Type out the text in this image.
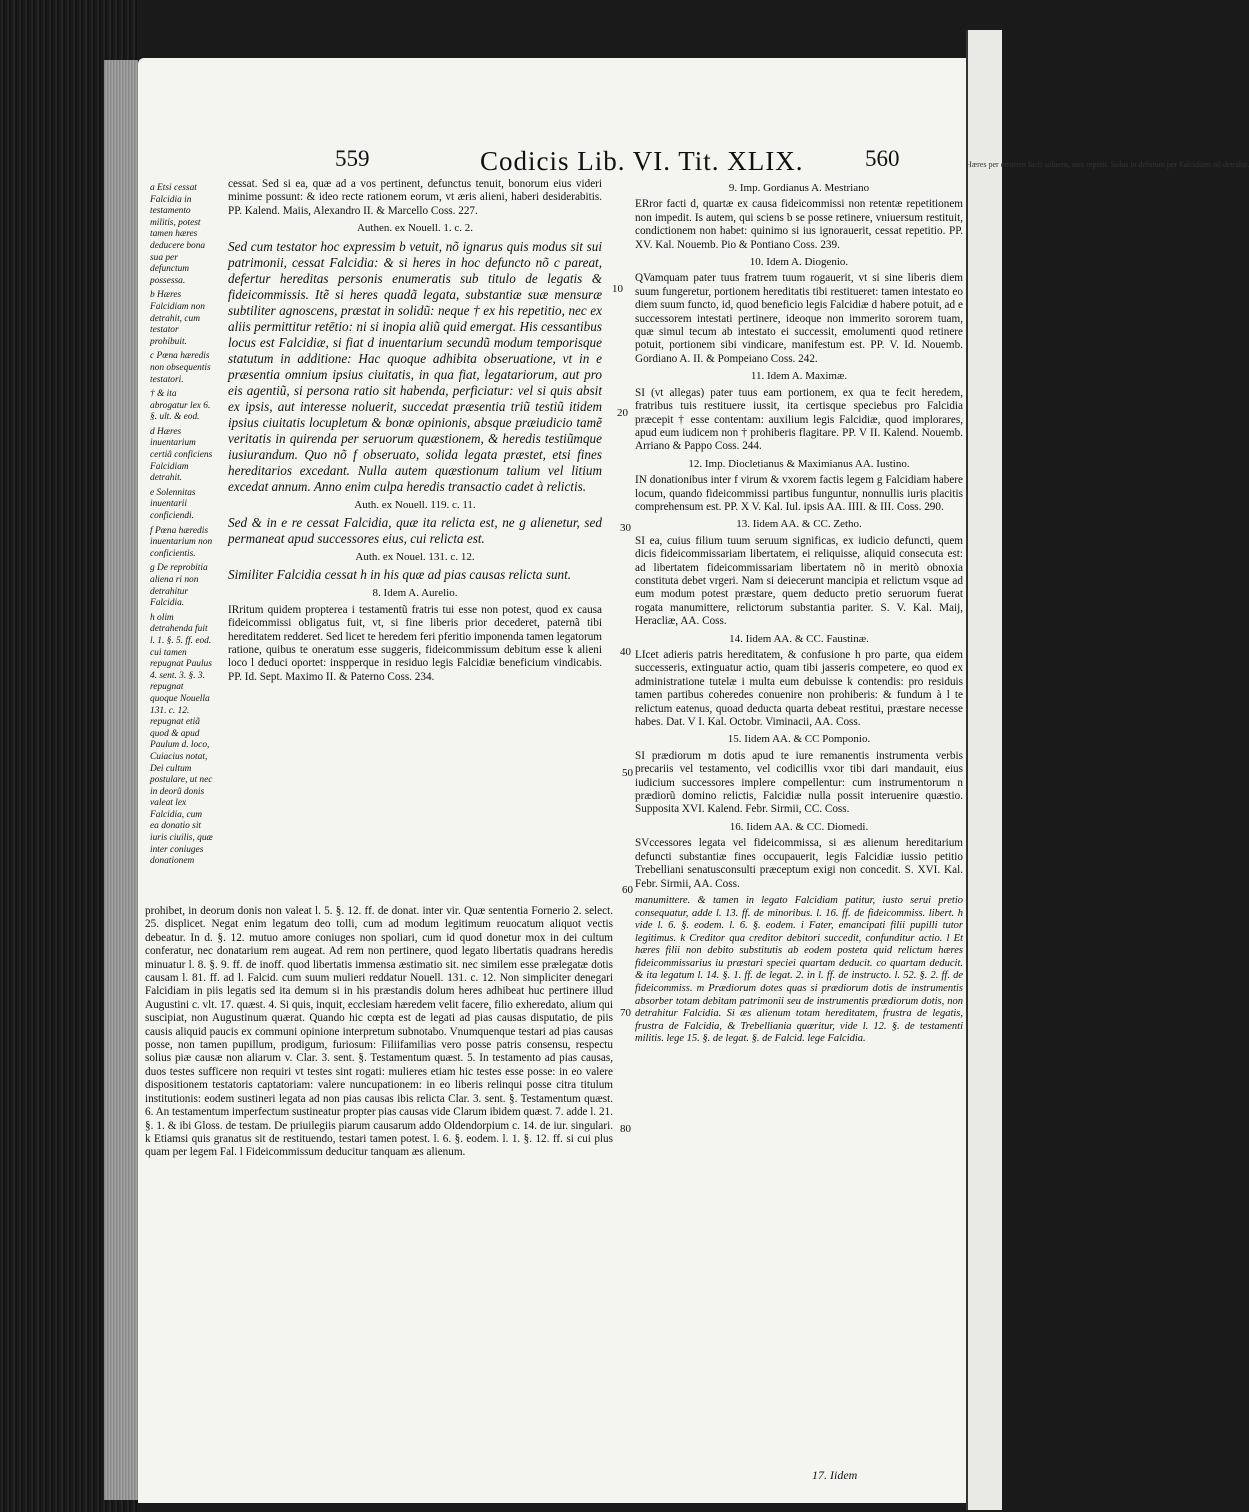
Hæres per errorem facti soluens, non repetit. Solus in debitum per Falcidiam nõ detrahit.
559	Codicis Lib. VI. Tit. XLIX.	560

a Etsi cessat Falcidia in testamento militis, potest tamen hæres deducere bona sua per defunctum possessa.

b Hæres Falcidiam non detrahit, cum testator prohibuit.

c Pœna hæredis non obsequentis testatori.

† & ita abrogatur lex 6. §. ult. & eod.

d Hæres inuentarium certiâ conficiens Falcidiam detrahit.

e Solennitas inuentarii conficiendi.

f Pœna hæredis inuentarium non conficientis.

g De reprobitia aliena ri non detrahitur Falcidia.

h olim detrahenda fuit l. 1. §. 5. ff. eod. cui tamen repugnat Paulus 4. sent. 3. §. 3. repugnat quoque Nouella 131. c. 12. repugnat etiã quod & apud Paulum d. loco, Cuiacius notat, Dei cultum postulare, ut nec in deorũ donis valeat lex Falcidia, cum ea donatio sit iuris ciuilis, quæ inter coniuges donationem

cessat. Sed si ea, quæ ad a vos pertinent, defunctus tenuit, bonorum eius videri minime possunt: & ideo recte rationem eorum, vt æris alieni, haberi desiderabitis. PP. Kalend. Maiis, Alexandro II. & Marcello Coss. 227.

Authen. ex Nouell. 1. c. 2.

Sed cum testator hoc expressim b vetuit, nõ ignarus quis modus sit sui patrimonii, cessat Falcidia: & si heres in hoc defuncto nõ c pareat, defertur hereditas personis enumeratis sub titulo de legatis & fideicommissis. Itẽ si heres quadã legata, substantiæ suæ mensuræ subtiliter agnoscens, præstat in solidũ: neque † ex his repetitio, nec ex aliis permittitur retētio: ni si inopia aliũ quid emergat. His cessantibus locus est Falcidiæ, si fiat d inuentarium secundũ modum temporisque statutum in additione: Hac quoque adhibita obseruatione, vt in e præsentia omnium ipsius ciuitatis, in qua fiat, legatariorum, aut pro eis agentiũ, si persona ratio sit habenda, perficiatur: vel si quis absit ex ipsis, aut interesse noluerit, succedat præsentia triũ testiũ itidem ipsius ciuitatis locupletum & bonæ opinionis, absque præiudicio tamẽ veritatis in quirenda per seruorum quæstionem, & heredis testiũmque iusiurandum. Quo nõ f obseruato, solida legata præstet, etsi fines hereditarios excedant. Nulla autem quæstionum talium vel litium excedat annum. Anno enim culpa heredis transactio cadet à relictis.

Auth. ex Nouell. 119. c. 11.

Sed & in e re cessat Falcidia, quæ ita relicta est, ne g alienetur, sed permaneat apud successores eius, cui relicta est.

Auth. ex Nouel. 131. c. 12.

Similiter Falcidia cessat h in his quæ ad pias causas relicta sunt.

8. Idem A. Aurelio.

IRritum quidem propterea i testamentũ fratris tui esse non potest, quod ex causa fideicommissi obligatus fuit, vt, si fine liberis prior decederet, paternã tibi hereditatem redderet. Sed licet te heredem feri pferitio imponenda tamen legatorum ratione, quibus te oneratum esse suggeris, fideicommissum debitum esse k alieni loco l deduci oportet: inspperque in residuo legis Falcidiæ beneficium vindicabis. PP. Id. Sept. Maximo II. & Paterno Coss. 234.

prohibet, in deorum donis non valeat l. 5. §. 12. ff. de donat. inter vir. Quæ sententia Fornerio 2. select. 25. displicet. Negat enim legatum deo tolli, cum ad modum legitimum reuocatum aliquot vectis debeatur. In d. §. 12. mutuo amore coniuges non spoliari, cum id quod donetur mox in dei cultum conferatur, nec donatarium rem augeat. Ad rem non pertinere, quod legato libertatis quadrans heredis minuatur l. 8. §. 9. ff. de inoff. quod libertatis immensa æstimatio sit. nec similem esse prælegatæ dotis causam l. 81. ff. ad l. Falcid. cum suum mulieri reddatur Nouell. 131. c. 12. Non simpliciter denegari Falcidiam in piis legatis sed ita demum si in his præstandis dolum heres adhibeat huc pertinere illud Augustini c. vlt. 17. quæst. 4. Si quis, inquit, ecclesiam hæredem velit facere, filio exheredato, alium qui suscipiat, non Augustinum quærat. Quando hic cœpta est de legati ad pias causas disputatio, de piis causis aliquid paucis ex communi opinione interpretum subnotabo. Vnumquenque testari ad pias causas posse, non tamen pupillum, prodigum, furiosum: Filiifamilias vero posse patris consensu, respectu solius piæ causæ non aliarum v. Clar. 3. sent. §. Testamentum quæst. 5. In testamento ad pias causas, duos testes sufficere non requiri vt testes sint rogati: mulieres etiam hic testes esse posse: in eo valere dispositionem testatoris captatoriam: valere nuncupationem: in eo liberis relinqui posse citra titulum institutionis: eodem sustineri legata ad non pias causas ibis relicta Clar. 3. sent. §. Testamentum quæst. 6. An testamentum imperfectum sustineatur propter pias causas vide Clarum ibidem quæst. 7. adde l. 21. §. 1. & ibi Gloss. de testam. De priuilegiis piarum causarum addo Oldendorpium c. 14. de iur. singulari. k Etiamsi quis granatus sit de restituendo, testari tamen potest. l. 6. §. eodem. l. 1. §. 12. ff. si cui plus quam per legem Fal. l Fideicommissum deducitur tanquam æs alienum.

9. Imp. Gordianus A. Mestriano

ERror facti d, quartæ ex causa fideicommissi non retentæ repetitionem non impedit. Is autem, qui sciens b se posse retinere, vniuersum restituit, condictionem non habet: quinimo si ius ignorauerit, cessat repetitio. PP. XV. Kal. Nouemb. Pio & Pontiano Coss. 239.

10. Idem A. Diogenio.

QVamquam pater tuus fratrem tuum rogauerit, vt si sine liberis diem suum fungeretur, portionem hereditatis tibi restitueret: tamen intestato eo diem suum functo, id, quod beneficio legis Falcidiæ d habere potuit, ad e successorem intestati pertinere, ideoque non immerito sororem tuam, quæ simul tecum ab intestato ei successit, emolumenti quod retinere potuit, portionem sibi vindicare, manifestum est. PP. V. Id. Nouemb. Gordiano A. II. & Pompeiano Coss. 242.

11. Idem A. Maximæ.

SI (vt allegas) pater tuus eam portionem, ex qua te fecit heredem, fratribus tuis restituere iussit, ita certisque speciebus pro Falcidia præcepit † esse contentam: auxilium legis Falcidiæ, quod implorares, apud eum iudicem non † prohiberis flagitare. PP. V II. Kalend. Nouemb. Arriano & Pappo Coss. 244.

12. Imp. Diocletianus & Maximianus AA. Iustino.

IN donationibus inter f virum & vxorem factis legem g Falcidiam habere locum, quando fideicommissi partibus funguntur, nonnullis iuris placitis comprehensum est. PP. X V. Kal. Iul. ipsis AA. IIII. & III. Coss. 290.

13. Iidem AA. & CC. Zetho.

SI ea, cuius filium tuum seruum significas, ex iudicio defuncti, quem dicis fideicommissariam libertatem, ei reliquisse, aliquid consecuta est: ad libertatem fideicommissariam libertatem nõ in meritò obnoxia constituta debet vrgeri. Nam si deiecerunt mancipia et relictum vsque ad eum modum potest præstare, quem deducto pretio seruorum fuerat rogata manumittere, relictorum substantia pariter. S. V. Kal. Maij, Heracliæ, AA. Coss.

14. Iidem AA. & CC. Faustinæ.

LIcet adieris patris hereditatem, & confusione h pro parte, qua eidem successeris, extinguatur actio, quam tibi jasseris competere, eo quod ex administratione tutelæ i multa eum debuisse k contendis: pro residuis tamen partibus coheredes conuenire non prohiberis: & fundum à l te relictum eatenus, quoad deducta quarta debeat restitui, præstare necesse habes. Dat. V I. Kal. Octobr. Viminacii, AA. Coss.

15. Iidem AA. & CC Pomponio.

SI prædiorum m dotis apud te iure remanentis instrumenta verbis precariis vel testamento, vel codicillis vxor tibi dari mandauit, eius iudicium successores implere compellentur: cum instrumentorum n prædiorũ domino relictis, Falcidiæ nulla possit interuenire quæstio. Supposita XVI. Kalend. Febr. Sirmii, CC. Coss.

16. Iidem AA. & CC. Diomedi.

SVccessores legata vel fideicommissa, si æs alienum hereditarium defuncti substantiæ fines occupauerit, legis Falcidiæ iussio petitio Trebelliani senatusconsulti præceptum exigi non concedit. S. XVI. Kal. Febr. Sirmii, AA. Coss.

manumittere. & tamen in legato Falcidiam patitur, iusto serui pretio consequatur, adde l. 13. ff. de minoribus. l. 16. ff. de fideicommiss. libert. h vide l. 6. §. eodem. l. 6. §. eodem. i Fater, emancipati filii pupilli tutor legitimus. k Creditor qua creditor debitori succedit, confunditur actio. l Et hæres filii non debito substitutis ab eodem posteta quid relictum hæres fideicommissarius iu præstari speciei quartam deducit. co quartam deducit. & ita legatum l. 14. §. 1. ff. de legat. 2. in l. ff. de instructo. l. 52. §. 2. ff. de fideicommiss. m Prædiorum dotes quas si prædiorum dotis de instrumentis absorber totam debitam patrimonii seu de instrumentis prædiorum dotis, non detrahitur Falcidia. Si æs alienum totam hereditatem, frustra de legatis, frustra de Falcidia, & Trebelliania quæritur, vide l. 12. §. de testamenti militis. lege 15. §. de legat. §. de Falcid. lege Falcidia.

10
20
30
40
50
60
70
80
17. Iidem
